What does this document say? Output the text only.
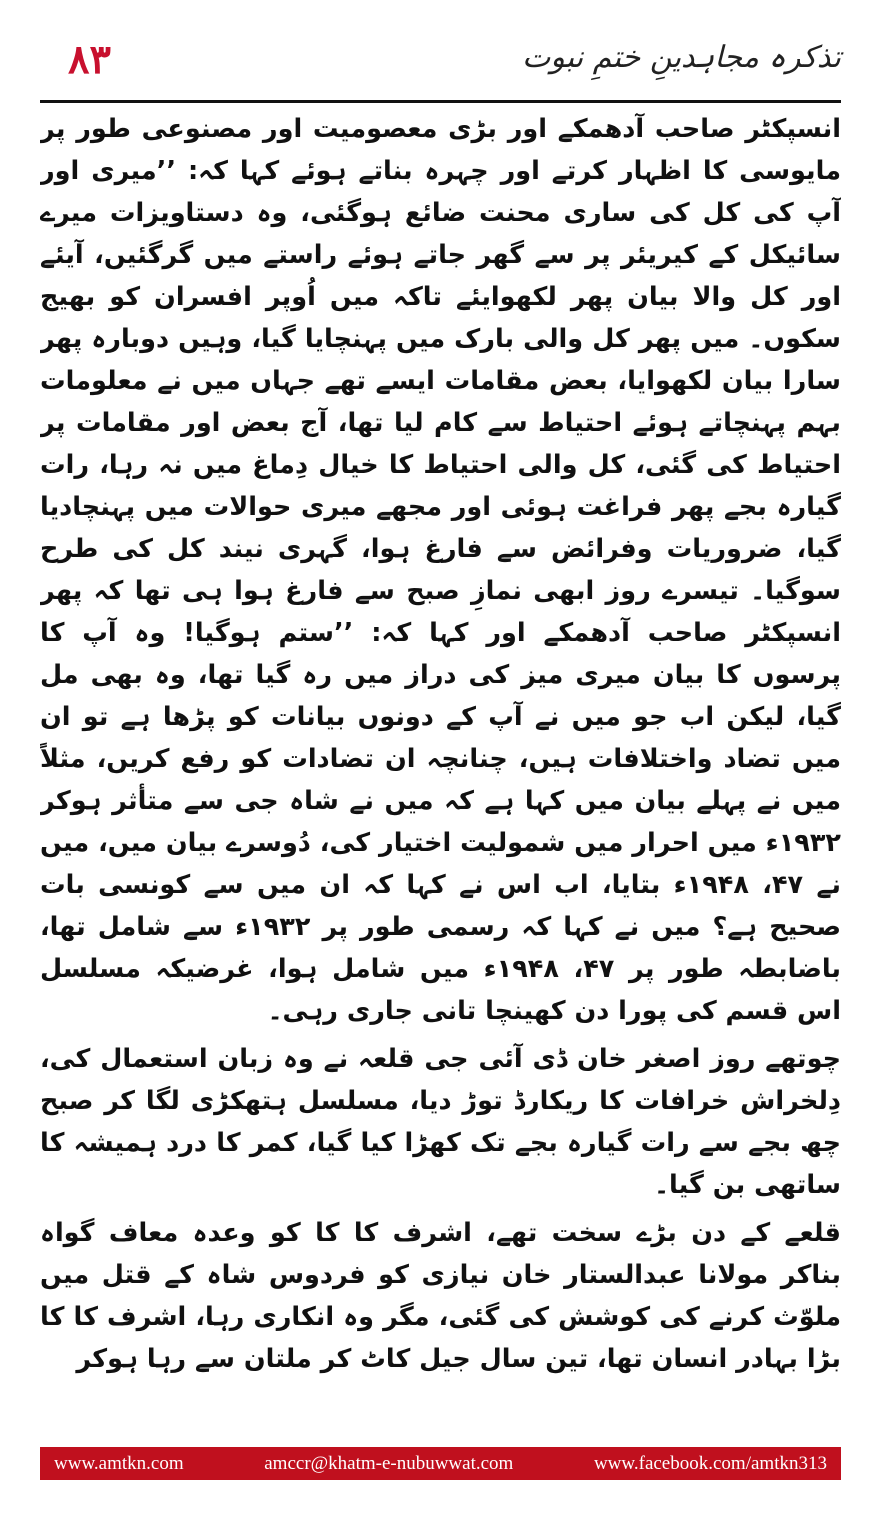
۸۳	تذکرہ مجاہدینِ ختمِ نبوت

انسپکٹر صاحب آدھمکے اور بڑی معصومیت اور مصنوعی طور پر مایوسی کا اظہار کرتے اور چہرہ بناتے ہوئے کہا کہ: ’’میری اور آپ کی کل کی ساری محنت ضائع ہوگئی، وہ دستاویزات میرے سائیکل کے کیریئر پر سے گھر جاتے ہوئے راستے میں گرگئیں، آیئے اور کل والا بیان پھر لکھوایئے تاکہ میں اُوپر افسران کو بھیج سکوں۔ میں پھر کل والی بارک میں پہنچایا گیا، وہیں دوبارہ پھر سارا بیان لکھوایا، بعض مقامات ایسے تھے جہاں میں نے معلومات بہم پہنچاتے ہوئے احتیاط سے کام لیا تھا، آج بعض اور مقامات پر احتیاط کی گئی، کل والی احتیاط کا خیال دِماغ میں نہ رہا، رات گیارہ بجے پھر فراغت ہوئی اور مجھے میری حوالات میں پہنچادیا گیا، ضروریات وفرائض سے فارغ ہوا، گہری نیند کل کی طرح سوگیا۔ تیسرے روز ابھی نمازِ صبح سے فارغ ہوا ہی تھا کہ پھر انسپکٹر صاحب آدھمکے اور کہا کہ: ’’ستم ہوگیا! وہ آپ کا پرسوں کا بیان میری میز کی دراز میں رہ گیا تھا، وہ بھی مل گیا، لیکن اب جو میں نے آپ کے دونوں بیانات کو پڑھا ہے تو ان میں تضاد واختلافات ہیں، چنانچہ ان تضادات کو رفع کریں، مثلاً میں نے پہلے بیان میں کہا ہے کہ میں نے شاہ جی سے متأثر ہوکر ۱۹۳۲ء میں احرار میں شمولیت اختیار کی، دُوسرے بیان میں، میں نے ۴۷، ۱۹۴۸ء بتایا، اب اس نے کہا کہ ان میں سے کونسی بات صحیح ہے؟ میں نے کہا کہ رسمی طور پر ۱۹۳۲ء سے شامل تھا، باضابطہ طور پر ۴۷، ۱۹۴۸ء میں شامل ہوا، غرضیکہ مسلسل اس قسم کی پورا دن کھینچا تانی جاری رہی۔

چوتھے روز اصغر خان ڈی آئی جی قلعہ نے وہ زبان استعمال کی، دِلخراش خرافات کا ریکارڈ توڑ دیا، مسلسل ہتھکڑی لگا کر صبح چھ بجے سے رات گیارہ بجے تک کھڑا کیا گیا، کمر کا درد ہمیشہ کا ساتھی بن گیا۔

قلعے کے دن بڑے سخت تھے، اشرف کا کا کو وعدہ معاف گواہ بناکر مولانا عبدالستار خان نیازی کو فردوس شاہ کے قتل میں ملوّث کرنے کی کوشش کی گئی، مگر وہ انکاری رہا، اشرف کا کا بڑا بہادر انسان تھا، تین سال جیل کاٹ کر ملتان سے رہا ہوکر

www.amtkn.com	amccr@khatm-e-nubuwwat.com	www.facebook.com/amtkn313
